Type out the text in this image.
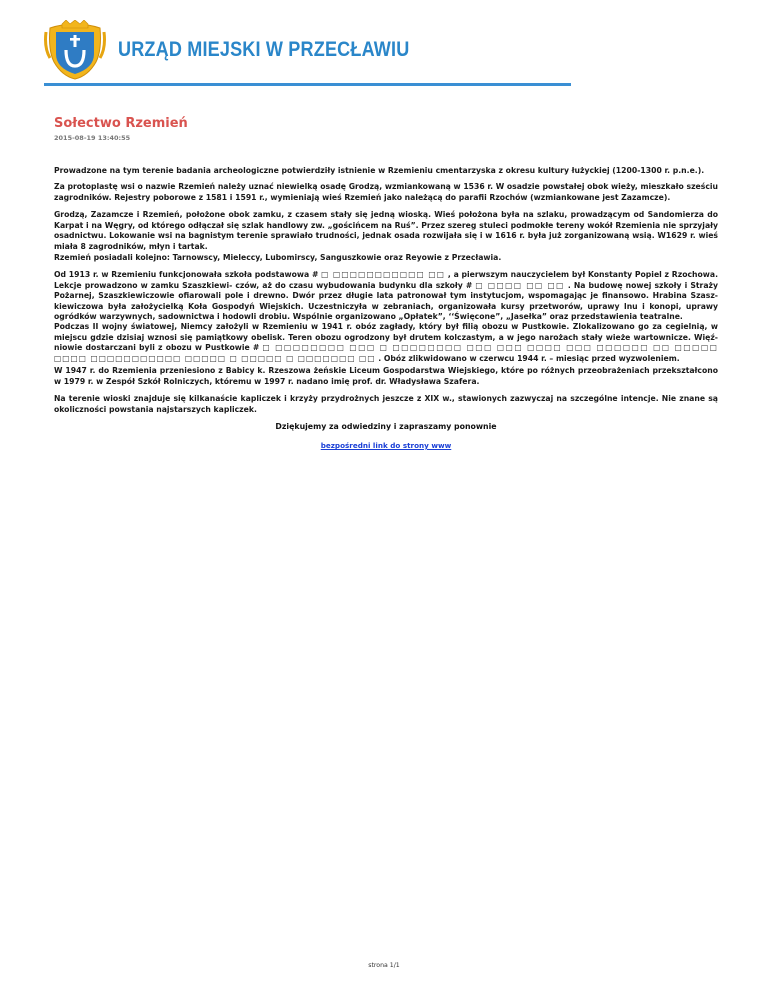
URZĄD MIEJSKI W PRZECŁAWIU
Sołectwo Rzemień
2015-08-19 13:40:55

Prowadzone na tym terenie badania archeologiczne potwierdziły istnienie w Rzemieniu cmentarzyska z okresu kultury łużyckiej (1200-1300 r. p.n.e.).

Za protoplastę wsi o nazwie Rzemień należy uznać niewielką osadę Grodzą, wzmiankowaną w 1536 r. W osadzie powstałej obok wieży, mieszkało sześciu zagrodników. Rejestry poborowe z 1581 i 1591 r., wymieniają wieś Rzemień jako należącą do parafii Rzochów (wzmiankowane jest Zazamcze).

Grodzą, Zazamcze i Rzemień, położone obok zamku, z czasem stały się jedną wioską. Wieś położona była na szlaku, prowadzącym od Sandomierza do Karpat i na Węgry, od którego odłączał się szlak handlowy zw. „gościńcem na Ruś”. Przez szereg stuleci podmokłe tereny wokół Rzemienia nie sprzyjały osadnictwu. Lokowanie wsi na bagnistym terenie sprawiało trudności, jednak osada rozwijała się i w 1616 r. była już zorganizowaną wsią. W1629 r. wieś miała 8 zagrodników, młyn i tartak.

Rzemień posiadali kolejno: Tarnowscy, Mieleccy, Lubomirscy, Sanguszkowie oraz Reyowie z Przecławia.

Od 1913 r. w Rzemieniu funkcjonowała szkoła podstawowa # □ □□□□□□□□□□□ □□ , a pierwszym nauczycielem był Konstanty Popiel z Rzochowa. Lekcje prowadzono w zamku Szaszkiewi- czów, aż do czasu wybudowania budynku dla szkoły # □ □□□□ □□ □□ . Na budowę nowej szkoły i Straży Pożarnej, Szaszkiewiczowie ofiarowali pole i drewno. Dwór przez długie lata patronował tym instytucjom, wspomagając je finansowo. Hrabina Szasz- kiewiczowa była założycielką Koła Gospodyń Wiejskich. Uczestniczyła w zebraniach, organizowała kursy przetworów, uprawy lnu i konopi, uprawy ogródków warzywnych, sadownictwa i hodowli drobiu. Wspólnie organizowano „Opłatek”, ‘‘Święcone”, „Jasełka” oraz przedstawienia teatralne.

Podczas II wojny światowej, Niemcy założyli w Rzemieniu w 1941 r. obóz zagłady, który był filią obozu w Pustkowie. Zlokalizowano go za cegielnią, w miejscu gdzie dzisiaj wznosi się pamiątkowy obelisk. Teren obozu ogrodzony był drutem kolczastym, a w jego narożach stały wieże wartownicze. Więź- niowie dostarczani byli z obozu w Pustkowie # □ □□□□□□□□ □□□ □ □□□□□□□□ □□□ □□□ □□□□ □□□ □□□□□□ □□ □□□□□ □□□□ □□□□□□□□□□□ □□□□□ □ □□□□□ □ □□□□□□□ □□ . Obóz zlikwidowano w czerwcu 1944 r. – miesiąc przed wyzwoleniem.

W 1947 r. do Rzemienia przeniesiono z Babicy k. Rzeszowa żeńskie Liceum Gospodarstwa Wiejskiego, które po różnych przeobrażeniach przekształcono w 1979 r. w Zespół Szkół Rolniczych, któremu w 1997 r. nadano imię prof. dr. Władysława Szafera.

Na terenie wioski znajduje się kilkanaście kapliczek i krzyży przydrożnych jeszcze z XIX w., stawionych zazwyczaj na szczególne intencje. Nie znane są okoliczności powstania najstarszych kapliczek.

Dziękujemy za odwiedziny i zapraszamy ponownie
bezpośredni link do strony www
strona 1/1
